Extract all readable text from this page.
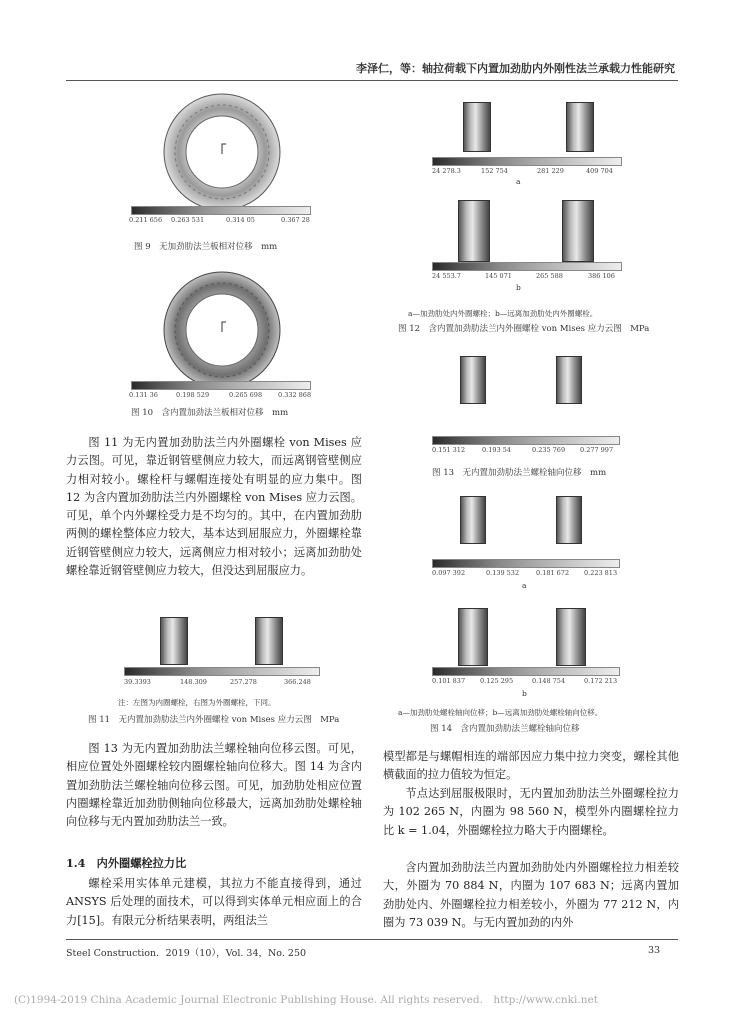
李泽仁，等：轴拉荷载下内置加劲肋内外刚性法兰承载力性能研究
0.211 656 0.263 531	0.314 05	0.367 28
图 9　无加劲肋法兰板相对位移　mm
0.131 36	0.198 529	0.265 698 0.332 868
图 10　含内置加劲法兰板相对位移　mm

图 11 为无内置加劲肋法兰内外圈螺栓 von Mises 应力云图。可见，靠近钢管壁侧应力较大，而远离钢管壁侧应力相对较小。螺栓杆与螺帽连接处有明显的应力集中。图 12 为含内置加劲肋法兰内外圈螺栓 von Mises 应力云图。可见，单个内外螺栓受力是不均匀的。其中，在内置加劲肋两侧的螺栓整体应力较大，基本达到屈服应力，外圈螺栓靠近钢管壁侧应力较大，远离侧应力相对较小；远离加劲肋处螺栓靠近钢管壁侧应力较大，但没达到屈服应力。

39.3393	148.309	257.278	366.248
注：左图为内圈螺栓，右图为外圈螺栓，下同。
图 11　无内置加劲肋法兰内外圈螺栓 von Mises 应力云图　MPa

图 13 为无内置加劲肋法兰螺栓轴向位移云图。可见，相应位置处外圈螺栓较内圈螺栓轴向位移大。图 14 为含内置加劲肋法兰螺栓轴向位移云图。可见，加劲肋处相应位置内圈螺栓靠近加劲肋侧轴向位移最大，远离加劲肋处螺栓轴向位移与无内置加劲肋法兰一致。

1.4　内外圈螺栓拉力比

螺栓采用实体单元建模，其拉力不能直接得到，通过 ANSYS 后处理的面技术，可以得到实体单元相应面上的合力[15]。有限元分析结果表明，两组法兰

24 278.3	152 754	281 229	409 704
a
24 553.7	145 071	265 588	386 106
b
a—加劲肋处内外圈螺栓；b—远离加劲肋处内外圈螺栓。
图 12　含内置加劲肋法兰内外圈螺栓 von Mises 应力云图　MPa
0.151 312	0.193 54	0.235 769 0.277 997
图 13　无内置加劲肋法兰螺栓轴向位移　mm
0.097 392	0.139 532	0.181 672 0.223 813
a
0.101 837 0.125 295	0.148 754	0.172 213
b
a—加劲肋处螺栓轴向位移；b—远离加劲肋处螺栓轴向位移。
图 14　含内置加劲肋法兰螺栓轴向位移

模型都是与螺帽相连的端部因应力集中拉力突变，螺栓其他横截面的拉力值较为恒定。

节点达到屈服极限时，无内置加劲肋法兰外圈螺栓拉力为 102 265 N，内圈为 98 560 N，模型外内圈螺栓拉力比 k = 1.04，外圈螺栓拉力略大于内圈螺栓。

含内置加劲肋法兰内置加劲肋处内外圈螺栓拉力相差较大，外圈为 70 884 N，内圈为 107 683 N；远离内置加劲肋处内、外圈螺栓拉力相差较小，外圈为 77 212 N，内圈为 73 039 N。与无内置加劲的内外

Steel Construction．2019（10），Vol. 34，No. 250	33
(C)1994-2019 China Academic Journal Electronic Publishing House. All rights reserved.　http://www.cnki.net
